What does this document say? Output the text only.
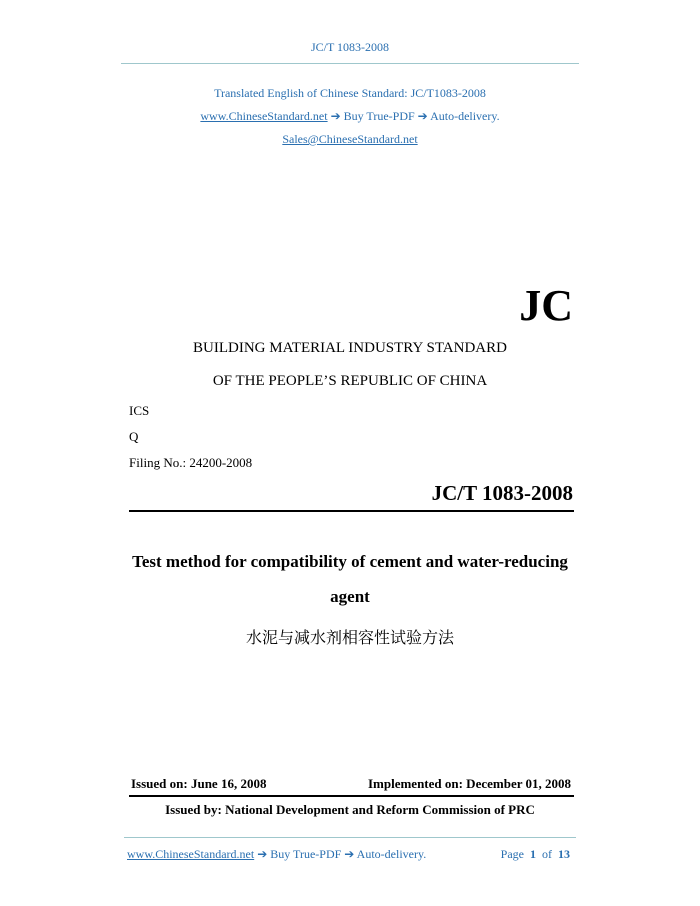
JC/T 1083-2008
Translated English of Chinese Standard: JC/T1083-2008
www.ChineseStandard.net ➔ Buy True-PDF ➔ Auto-delivery.
Sales@ChineseStandard.net
JC
BUILDING MATERIAL INDUSTRY STANDARD
OF THE PEOPLE’S REPUBLIC OF CHINA
ICS
Q
Filing No.: 24200-2008
JC/T 1083-2008
Test method for compatibility of cement and water-reducing
agent
水泥与减水剂相容性试验方法
Issued on: June 16, 2008	Implemented on: December 01, 2008
Issued by: National Development and Reform Commission of PRC
www.ChineseStandard.net ➔ Buy True-PDF ➔ Auto-delivery.	Page 1 of 13
